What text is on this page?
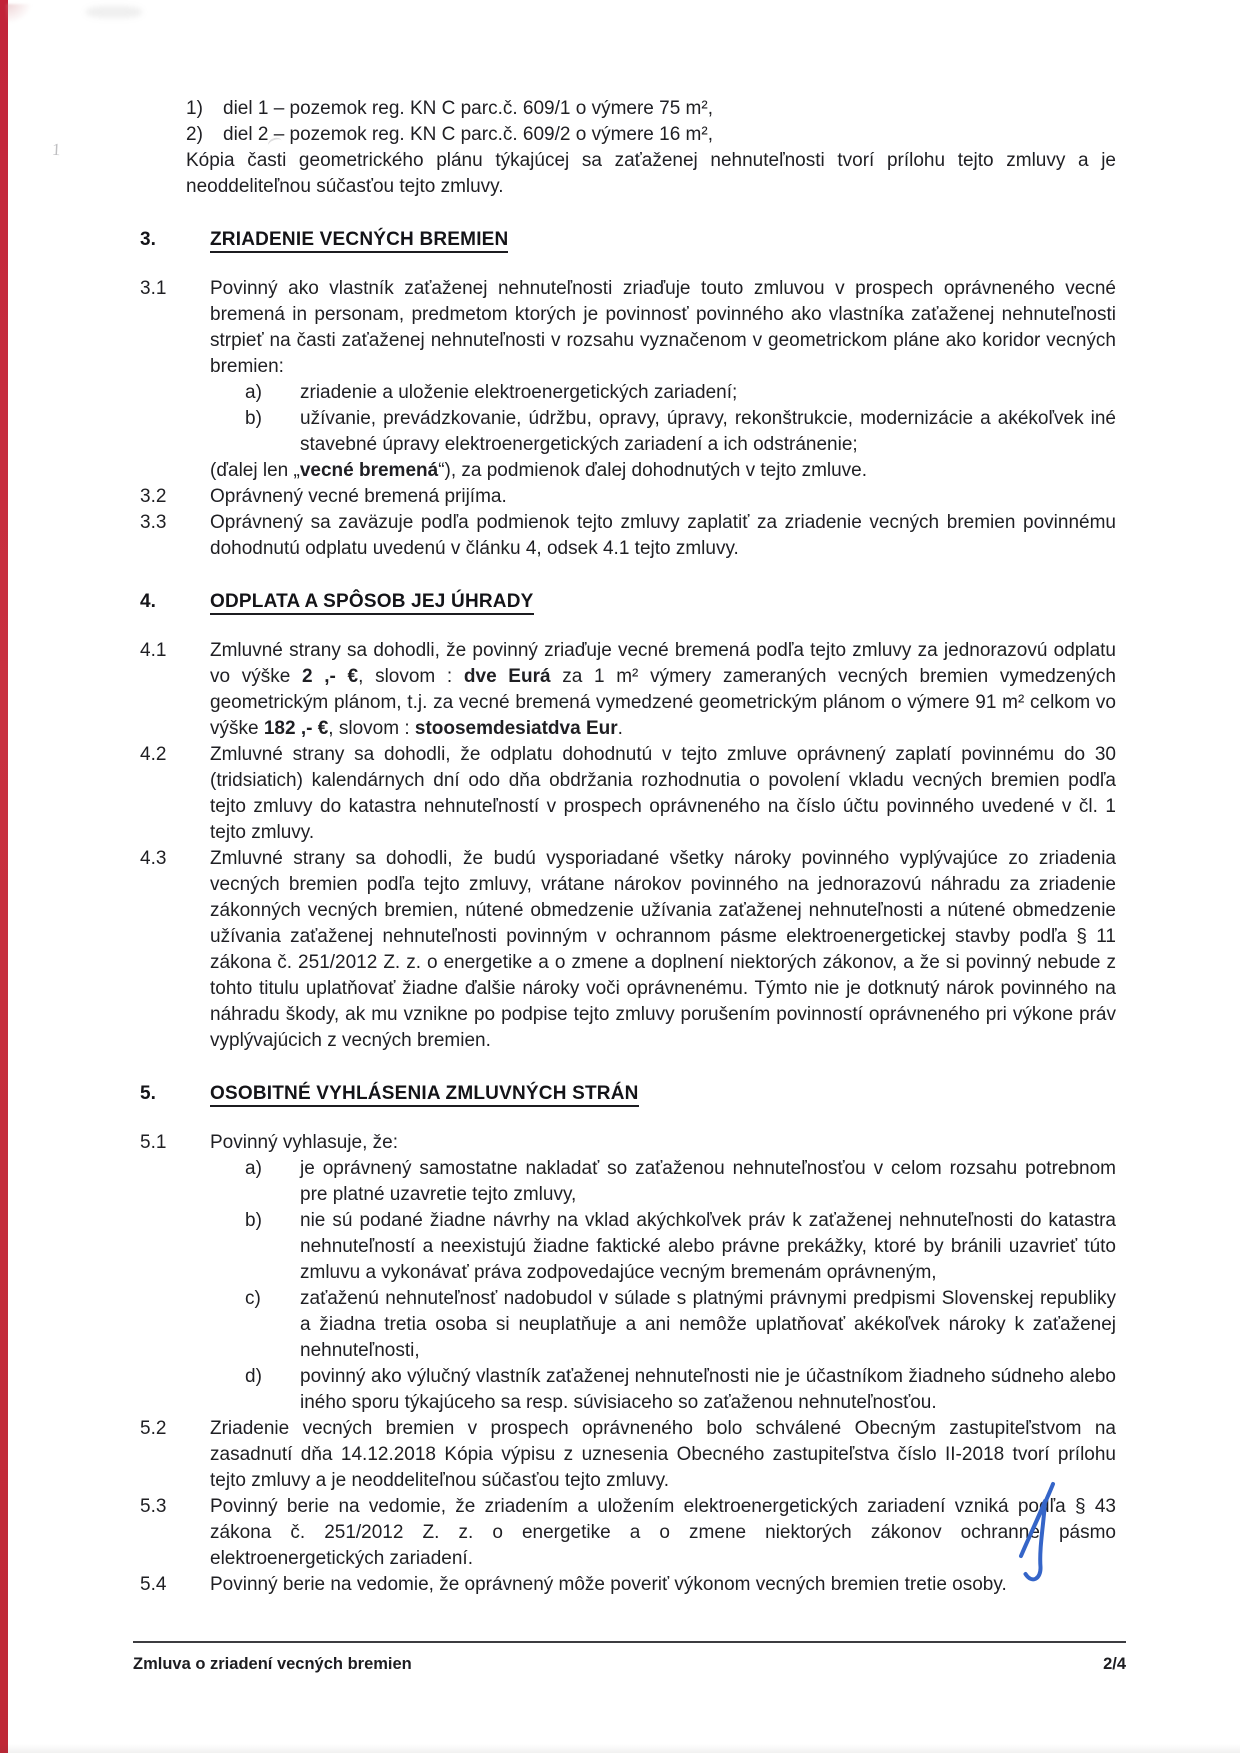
1
1)	diel 1 – pozemok reg. KN C parc.č. 609/1 o výmere 75 m²,
2)	diel 2 – pozemok reg. KN C parc.č. 609/2 o výmere 16 m²,

Kópia časti geometrického plánu týkajúcej sa zaťaženej nehnuteľnosti tvorí prílohu tejto zmluvy a je neoddeliteľnou súčasťou tejto zmluvy.

3.	ZRIADENIE VECNÝCH BREMIEN
3.1	Povinný ako vlastník zaťaženej nehnuteľnosti zriaďuje touto zmluvou v prospech oprávneného vecné bremená in personam, predmetom ktorých je povinnosť povinného ako vlastníka zaťaženej nehnuteľnosti strpieť na časti zaťaženej nehnuteľnosti v rozsahu vyznačenom v geometrickom pláne ako koridor vecných bremien:

a)	zriadenie a uloženie elektroenergetických zariadení;

b)	užívanie, prevádzkovanie, údržbu, opravy, úpravy, rekonštrukcie, modernizácie a akékoľvek iné stavebné úpravy elektroenergetických zariadení a ich odstránenie;

(ďalej len „vecné bremená“), za podmienok ďalej dohodnutých v tejto zmluve.

3.2	Oprávnený vecné bremená prijíma.

3.3	Oprávnený sa zaväzuje podľa podmienok tejto zmluvy zaplatiť za zriadenie vecných bremien povinnému dohodnutú odplatu uvedenú v článku 4, odsek 4.1 tejto zmluvy.

4.	ODPLATA A SPÔSOB JEJ ÚHRADY
4.1	Zmluvné strany sa dohodli, že povinný zriaďuje vecné bremená podľa tejto zmluvy za jednorazovú odplatu vo výške 2 ,- €, slovom : dve Eurá za 1 m² výmery zameraných vecných bremien vymedzených geometrickým plánom, t.j. za vecné bremená vymedzené geometrickým plánom o výmere 91 m² celkom vo výške 182 ,- €, slovom : stoosemdesiatdva Eur.

4.2	Zmluvné strany sa dohodli, že odplatu dohodnutú v tejto zmluve oprávnený zaplatí povinnému do 30 (tridsiatich) kalendárnych dní odo dňa obdržania rozhodnutia o povolení vkladu vecných bremien podľa tejto zmluvy do katastra nehnuteľností v prospech oprávneného na číslo účtu povinného uvedené v čl. 1 tejto zmluvy.

4.3	Zmluvné strany sa dohodli, že budú vysporiadané všetky nároky povinného vyplývajúce zo zriadenia vecných bremien podľa tejto zmluvy, vrátane nárokov povinného na jednorazovú náhradu za zriadenie zákonných vecných bremien, nútené obmedzenie užívania zaťaženej nehnuteľnosti a nútené obmedzenie užívania zaťaženej nehnuteľnosti povinným v ochrannom pásme elektroenergetickej stavby podľa § 11 zákona č. 251/2012 Z. z. o energetike a o zmene a doplnení niektorých zákonov, a že si povinný nebude z tohto titulu uplatňovať žiadne ďalšie nároky voči oprávnenému. Týmto nie je dotknutý nárok povinného na náhradu škody, ak mu vznikne po podpise tejto zmluvy porušením povinností oprávneného pri výkone práv vyplývajúcich z vecných bremien.

5.	OSOBITNÉ VYHLÁSENIA ZMLUVNÝCH STRÁN
5.1	Povinný vyhlasuje, že:

a)	je oprávnený samostatne nakladať so zaťaženou nehnuteľnosťou v celom rozsahu potrebnom pre platné uzavretie tejto zmluvy,

b)	nie sú podané žiadne návrhy na vklad akýchkoľvek práv k zaťaženej nehnuteľnosti do katastra nehnuteľností a neexistujú žiadne faktické alebo právne prekážky, ktoré by bránili uzavrieť túto zmluvu a vykonávať práva zodpovedajúce vecným bremenám oprávneným,

c)	zaťaženú nehnuteľnosť nadobudol v súlade s platnými právnymi predpismi Slovenskej republiky a žiadna tretia osoba si neuplatňuje a ani nemôže uplatňovať akékoľvek nároky k zaťaženej nehnuteľnosti,

d)	povinný ako výlučný vlastník zaťaženej nehnuteľnosti nie je účastníkom žiadneho súdneho alebo iného sporu týkajúceho sa resp. súvisiaceho so zaťaženou nehnuteľnosťou.

5.2	Zriadenie vecných bremien v prospech oprávneného bolo schválené Obecným zastupiteľstvom na zasadnutí dňa 14.12.2018 Kópia výpisu z uznesenia Obecného zastupiteľstva číslo II-2018 tvorí prílohu tejto zmluvy a je neoddeliteľnou súčasťou tejto zmluvy.

5.3	Povinný berie na vedomie, že zriadením a uložením elektroenergetických zariadení vzniká podľa § 43 zákona č. 251/2012 Z. z. o energetike a o zmene niektorých zákonov ochranné pásmo elektroenergetických zariadení.

5.4	Povinný berie na vedomie, že oprávnený môže poveriť výkonom vecných bremien tretie osoby.

Zmluva o zriadení vecných bremien	2/4
